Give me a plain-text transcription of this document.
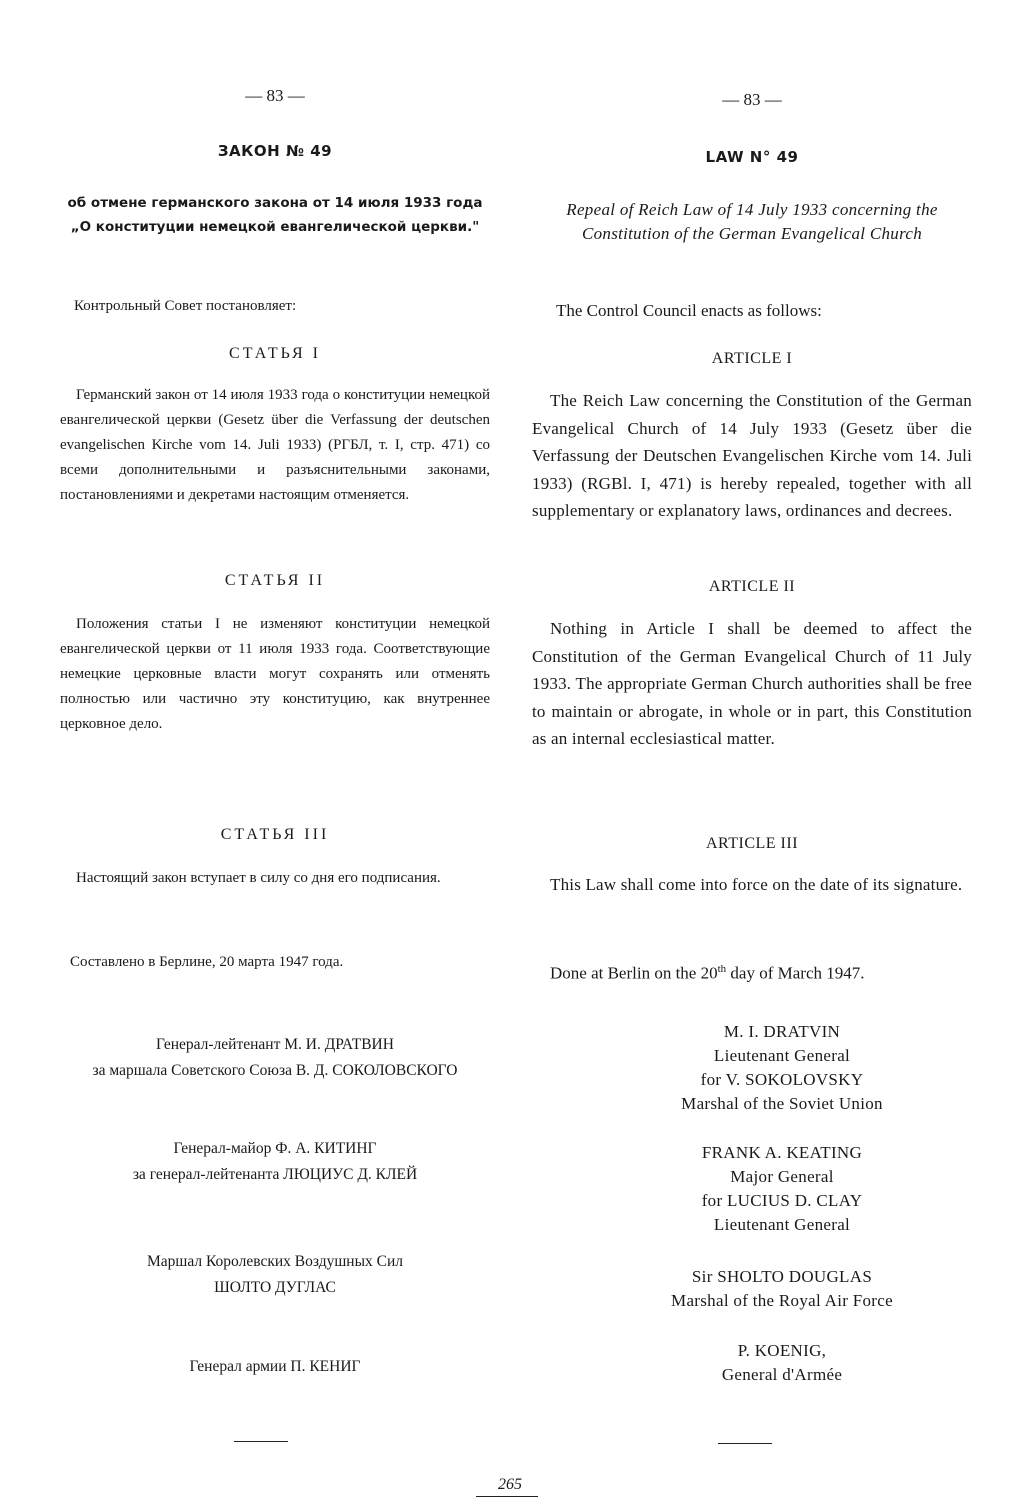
— 83 —
ЗАКОН № 49
об отмене германского закона от 14 июля 1933 года
„О конституции немецкой евангелической церкви."
Контрольный Совет постановляет:
СТАТЬЯ I

Германский закон от 14 июля 1933 года о конституции немецкой евангелической церкви (Gesetz über die Verfassung der deutschen evangelischen Kirche vom 14. Juli 1933) (РГБЛ, т. I, стр. 471) со всеми дополнительными и разъяснительными законами, постановлениями и декретами настоящим отменяется.

СТАТЬЯ II

Положения статьи I не изменяют конституции немецкой евангелической церкви от 11 июля 1933 года. Соответствующие немецкие церковные власти могут сохранять или отменять полностью или частично эту конституцию, как внутреннее церковное дело.

СТАТЬЯ III

Настоящий закон вступает в силу со дня его подписания.

Составлено в Берлине, 20 марта 1947 года.
Генерал-лейтенант М. И. ДРАТВИН
за маршала Советского Союза В. Д. СОКОЛОВСКОГО
Генерал-майор Ф. А. КИТИНГ
за генерал-лейтенанта ЛЮЦИУС Д. КЛЕЙ
Маршал Королевских Воздушных Сил
ШОЛТО ДУГЛАС
Генерал армии П. КЕНИГ
— 83 —
LAW N° 49
Repeal of Reich Law of 14 July 1933 concerning the
Constitution of the German Evangelical Church
The Control Council enacts as follows:
ARTICLE I

The Reich Law concerning the Constitution of the German Evangelical Church of 14 July 1933 (Gesetz über die Verfassung der Deutschen Evangelischen Kirche vom 14. Juli 1933) (RGBl. I, 471) is hereby repealed, together with all supplementary or explanatory laws, ordinances and decrees.

ARTICLE II

Nothing in Article I shall be deemed to affect the Constitution of the German Evangelical Church of 11 July 1933. The appropriate German Church authorities shall be free to maintain or abrogate, in whole or in part, this Constitution as an internal ecclesiastical matter.

ARTICLE III

This Law shall come into force on the date of its signature.

Done at Berlin on the 20th day of March 1947.
M. I. DRATVIN
Lieutenant General
for V. SOKOLOVSKY
Marshal of the Soviet Union
FRANK A. KEATING
Major General
for LUCIUS D. CLAY
Lieutenant General
Sir SHOLTO DOUGLAS
Marshal of the Royal Air Force
P. KOENIG,
General d'Armée
265
